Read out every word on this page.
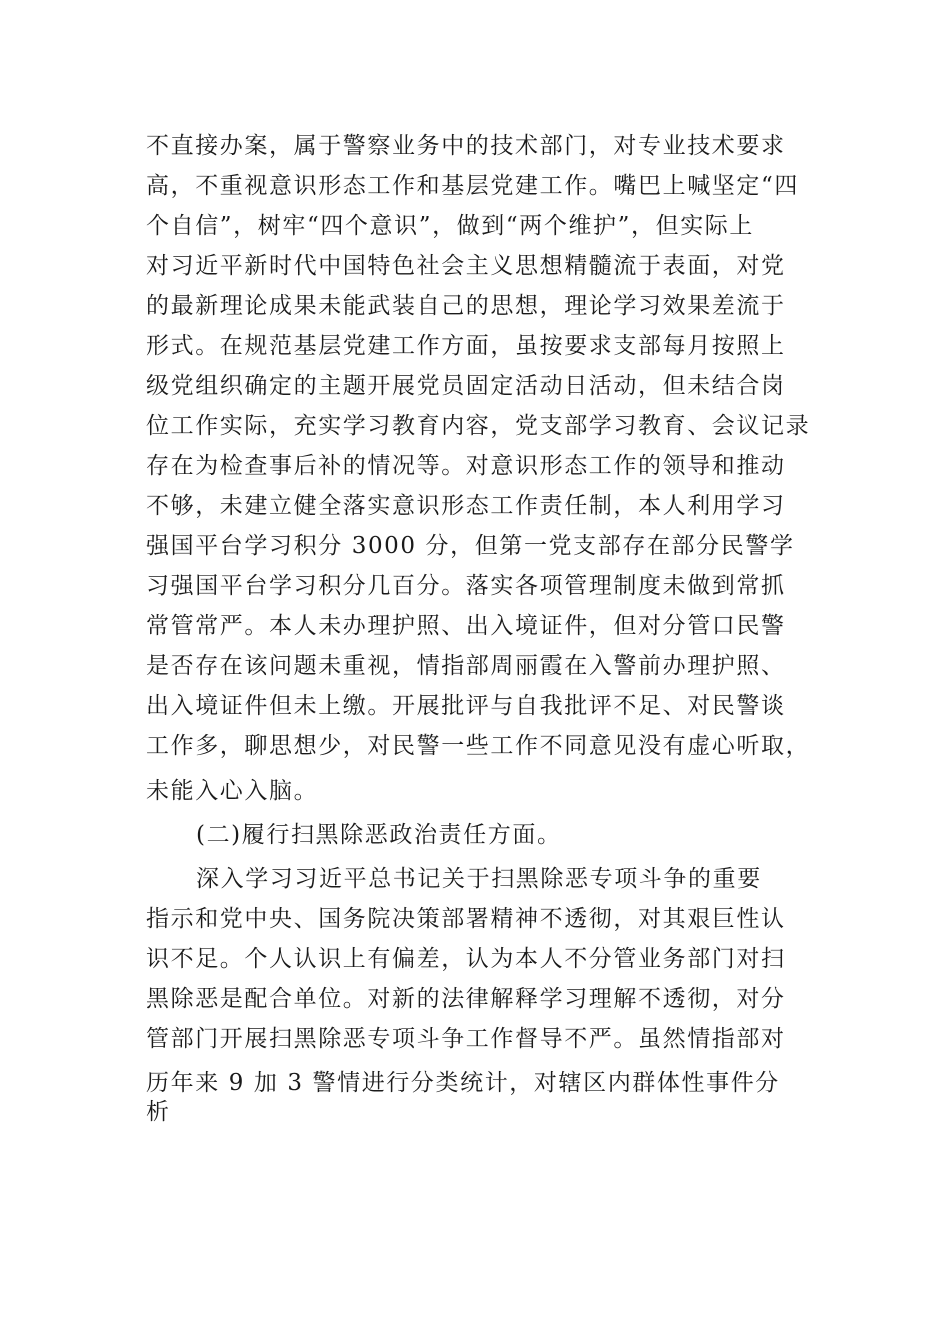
不直接办案，属于警察业务中的技术部门，对专业技术要求
高，不重视意识形态工作和基层党建工作。嘴巴上喊坚定“四
个自信”，树牢“四个意识”，做到“两个维护”，但实际上
对习近平新时代中国特色社会主义思想精髓流于表面，对党
的最新理论成果未能武装自己的思想，理论学习效果差流于
形式。在规范基层党建工作方面，虽按要求支部每月按照上
级党组织确定的主题开展党员固定活动日活动，但未结合岗
位工作实际，充实学习教育内容，党支部学习教育、会议记录
存在为检查事后补的情况等。对意识形态工作的领导和推动
不够，未建立健全落实意识形态工作责任制，本人利用学习
强国平台学习积分 3000 分，但第一党支部存在部分民警学
习强国平台学习积分几百分。落实各项管理制度未做到常抓
常管常严。本人未办理护照、出入境证件，但对分管口民警
是否存在该问题未重视，情指部周丽霞在入警前办理护照、
出入境证件但未上缴。开展批评与自我批评不足、对民警谈
工作多，聊思想少，对民警一些工作不同意见没有虚心听取，
未能入心入脑。
(二)履行扫黑除恶政治责任方面。
深入学习习近平总书记关于扫黑除恶专项斗争的重要
指示和党中央、国务院决策部署精神不透彻，对其艰巨性认
识不足。个人认识上有偏差，认为本人不分管业务部门对扫
黑除恶是配合单位。对新的法律解释学习理解不透彻，对分
管部门开展扫黑除恶专项斗争工作督导不严。虽然情指部对
历年来 9 加 3 警情进行分类统计，对辖区内群体性事件分
析
